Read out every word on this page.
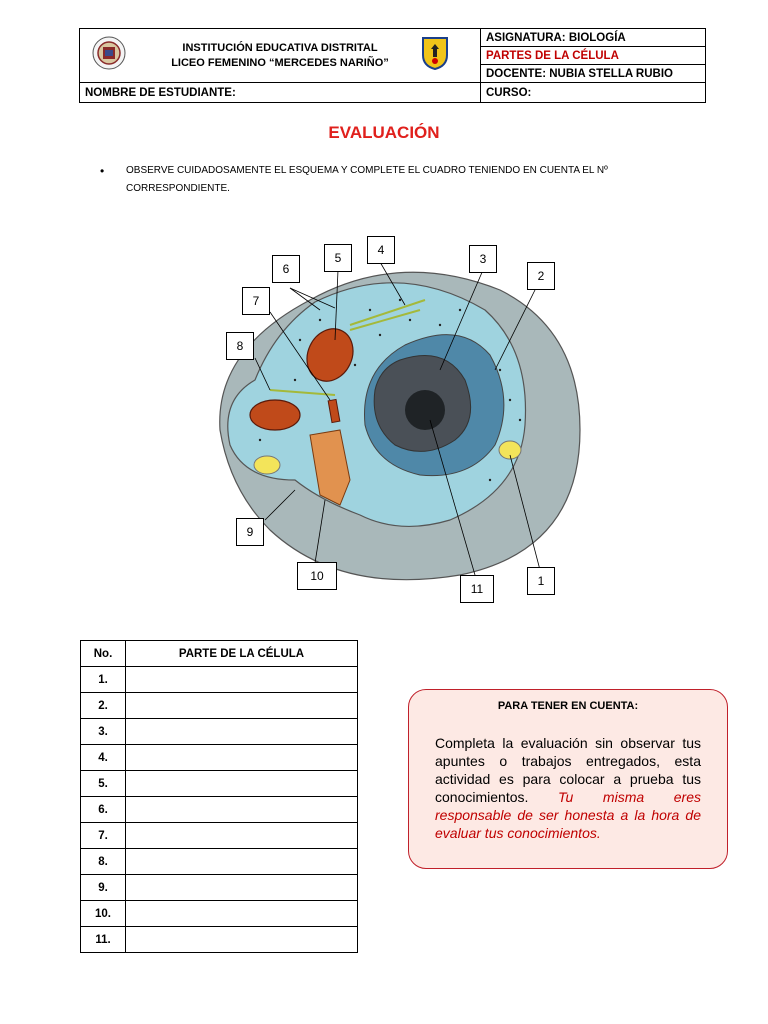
INSTITUCIÓN EDUCATIVA DISTRITAL
LICEO FEMENINO “MERCEDES NARIÑO”	ASIGNATURA: BIOLOGÍA
	PARTES DE LA CÉLULA
	DOCENTE: NUBIA STELLA RUBIO
NOMBRE DE ESTUDIANTE:	CURSO:
EVALUACIÓN
•	OBSERVE CUIDADOSAMENTE EL ESQUEMA Y COMPLETE EL CUADRO TENIENDO EN CUENTA EL Nº CORRESPONDIENTE.
1
2
3
4
5
6
7
8
9
10
11
No.	PARTE DE LA CÉLULA
1.	
2.	
3.	
4.	
5.	
6.	
7.	
8.	
9.	
10.	
11.	
PARA TENER EN CUENTA:

Completa la evaluación sin observar tus apuntes o trabajos entregados, esta actividad es para colocar a prueba tus conocimientos. Tu misma eres responsable de ser honesta a la hora de evaluar tus conocimientos.
